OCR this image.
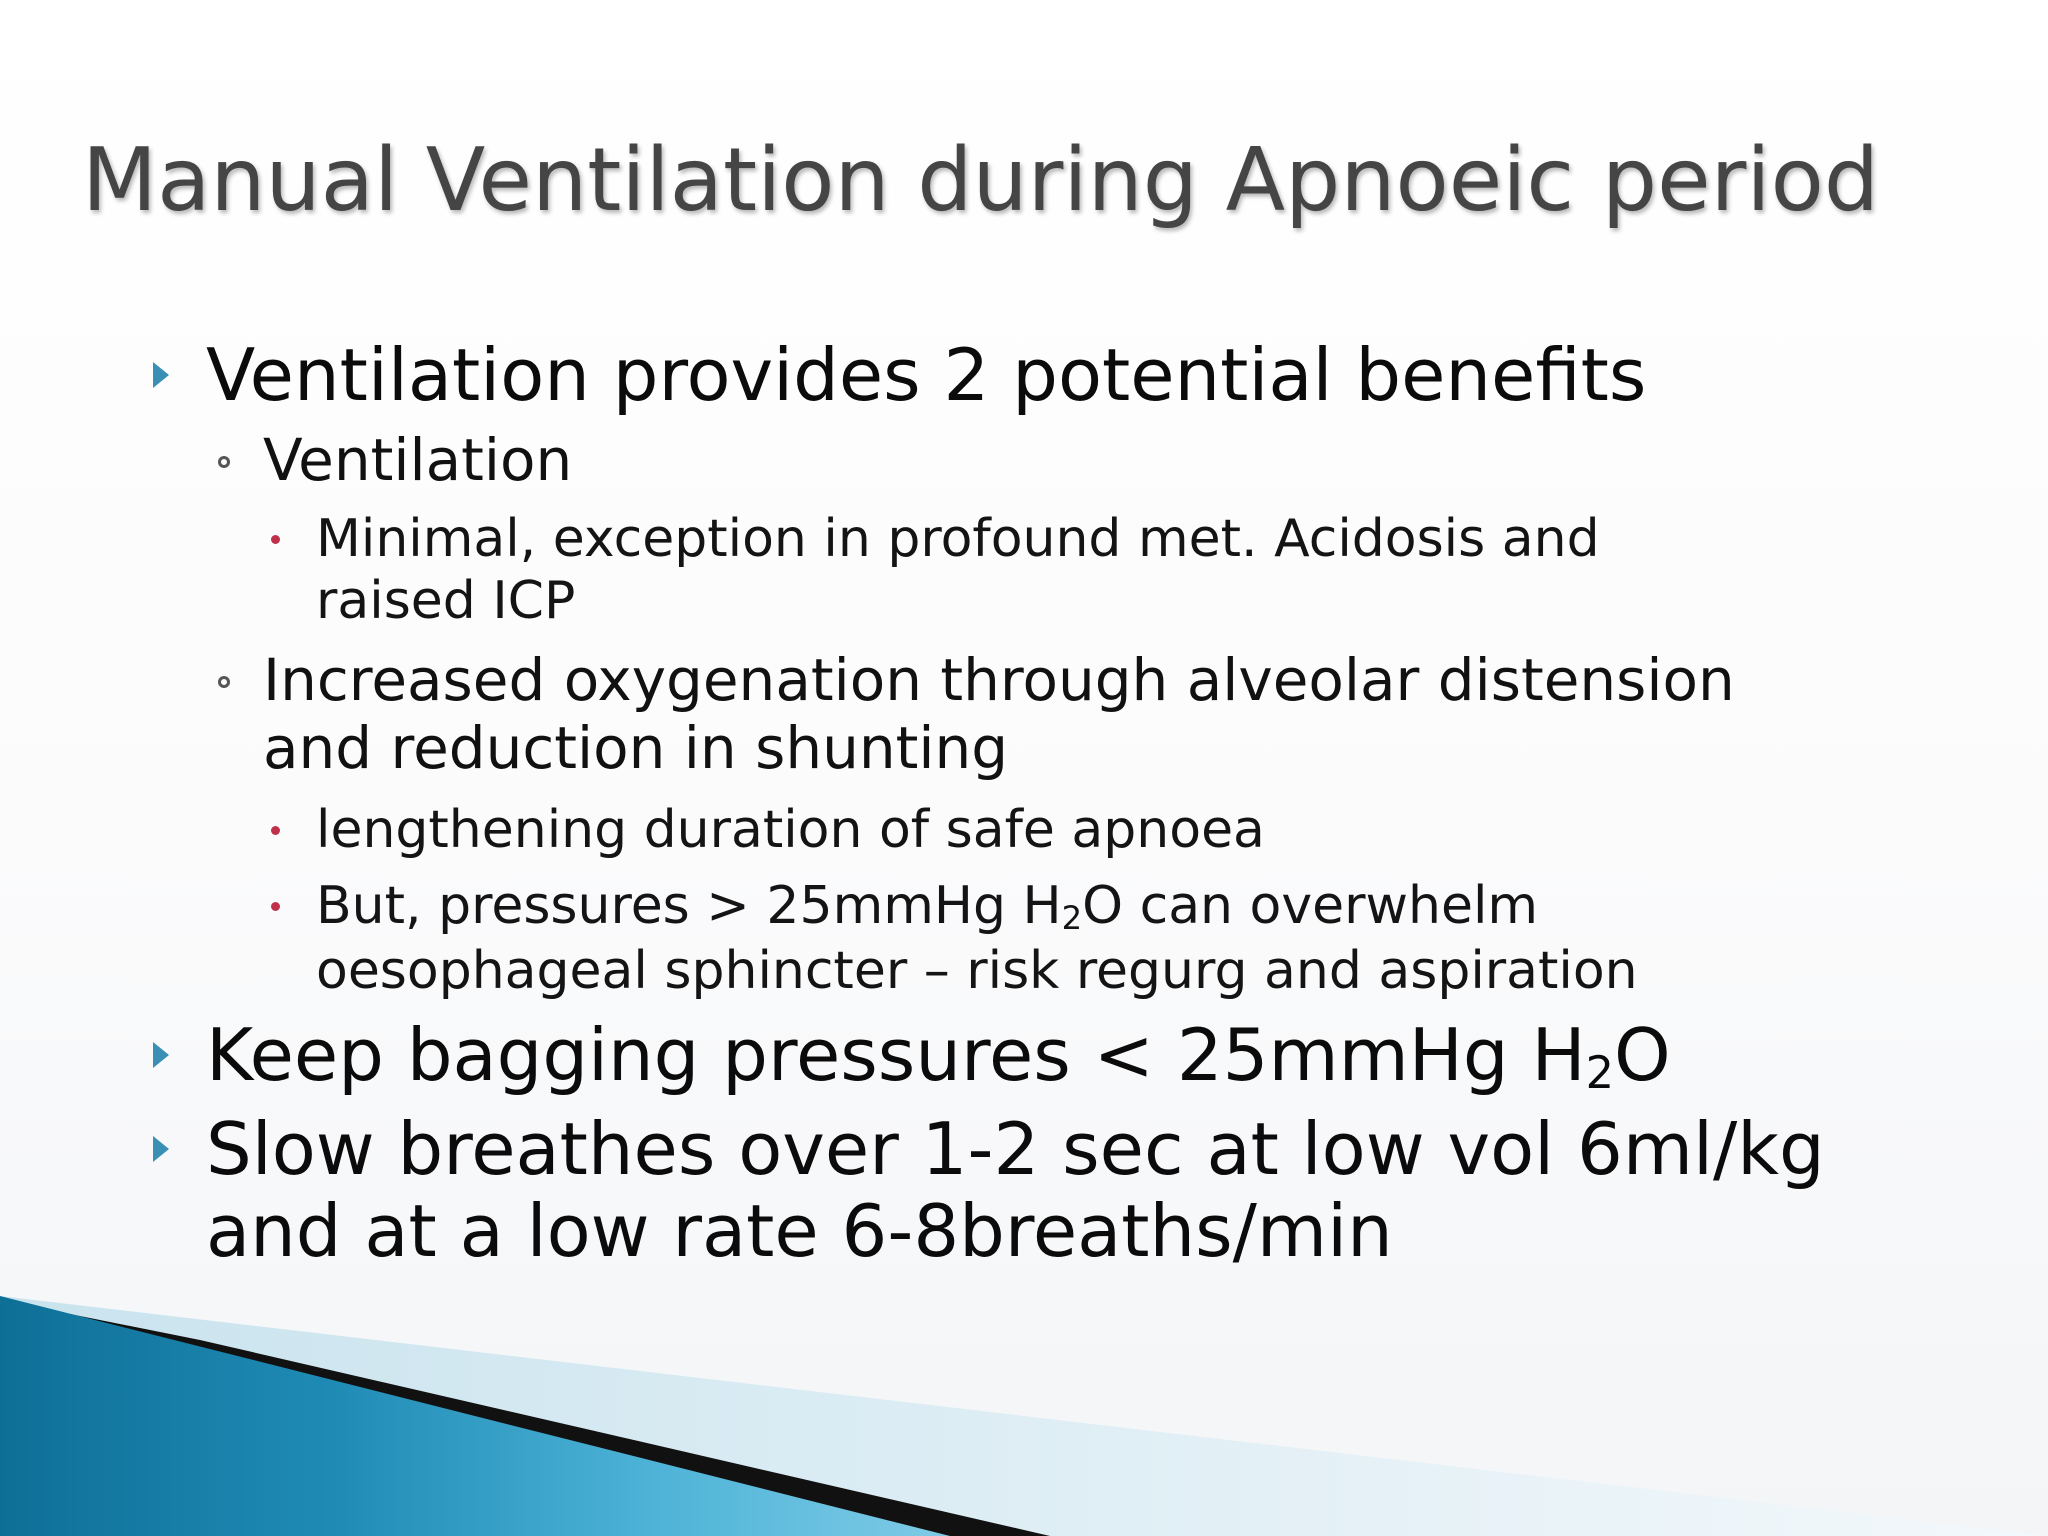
Manual Ventilation during Apnoeic period

Ventilation provides 2 potential benefits

Ventilation

Minimal, exception in profound met. Acidosis and

raised ICP

Increased oxygenation through alveolar distension

and reduction in shunting

lengthening duration of safe apnoea

But, pressures > 25mmHg $H_2O$ can overwhelm

oesophageal sphincter – risk regurg and aspiration

Keep bagging pressures < 25mmHg $H_2O$

Slow breathes over 1-2 sec at low vol 6ml/kg

and at a low rate 6-8breaths/min
